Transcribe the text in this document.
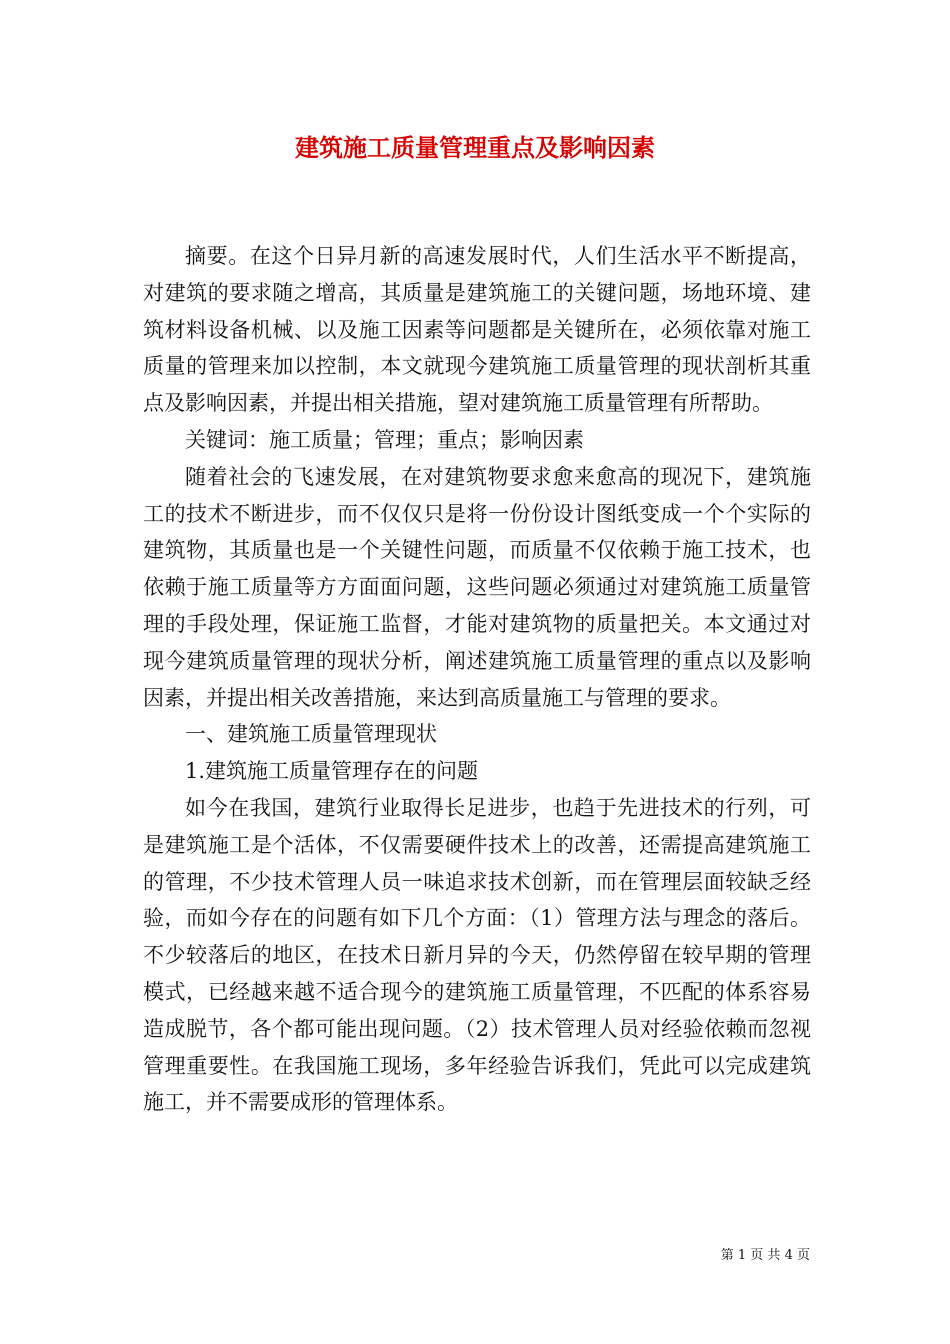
建筑施工质量管理重点及影响因素

摘要。在这个日异月新的高速发展时代，人们生活水平不断提高，对建筑的要求随之增高，其质量是建筑施工的关键问题，场地环境、建筑材料设备机械、以及施工因素等问题都是关键所在，必须依靠对施工质量的管理来加以控制，本文就现今建筑施工质量管理的现状剖析其重点及影响因素，并提出相关措施，望对建筑施工质量管理有所帮助。

关键词：施工质量；管理；重点；影响因素

随着社会的飞速发展，在对建筑物要求愈来愈高的现况下，建筑施工的技术不断进步，而不仅仅只是将一份份设计图纸变成一个个实际的建筑物，其质量也是一个关键性问题，而质量不仅依赖于施工技术，也依赖于施工质量等方方面面问题，这些问题必须通过对建筑施工质量管理的手段处理，保证施工监督，才能对建筑物的质量把关。本文通过对现今建筑质量管理的现状分析，阐述建筑施工质量管理的重点以及影响因素，并提出相关改善措施，来达到高质量施工与管理的要求。

一、建筑施工质量管理现状

1.建筑施工质量管理存在的问题

如今在我国，建筑行业取得长足进步，也趋于先进技术的行列，可是建筑施工是个活体，不仅需要硬件技术上的改善，还需提高建筑施工的管理，不少技术管理人员一味追求技术创新，而在管理层面较缺乏经验，而如今存在的问题有如下几个方面：（1）管理方法与理念的落后。不少较落后的地区，在技术日新月异的今天，仍然停留在较早期的管理模式，已经越来越不适合现今的建筑施工质量管理，不匹配的体系容易造成脱节，各个都可能出现问题。（2）技术管理人员对经验依赖而忽视管理重要性。在我国施工现场，多年经验告诉我们，凭此可以完成建筑施工，并不需要成形的管理体系。

第 1 页 共 4 页
